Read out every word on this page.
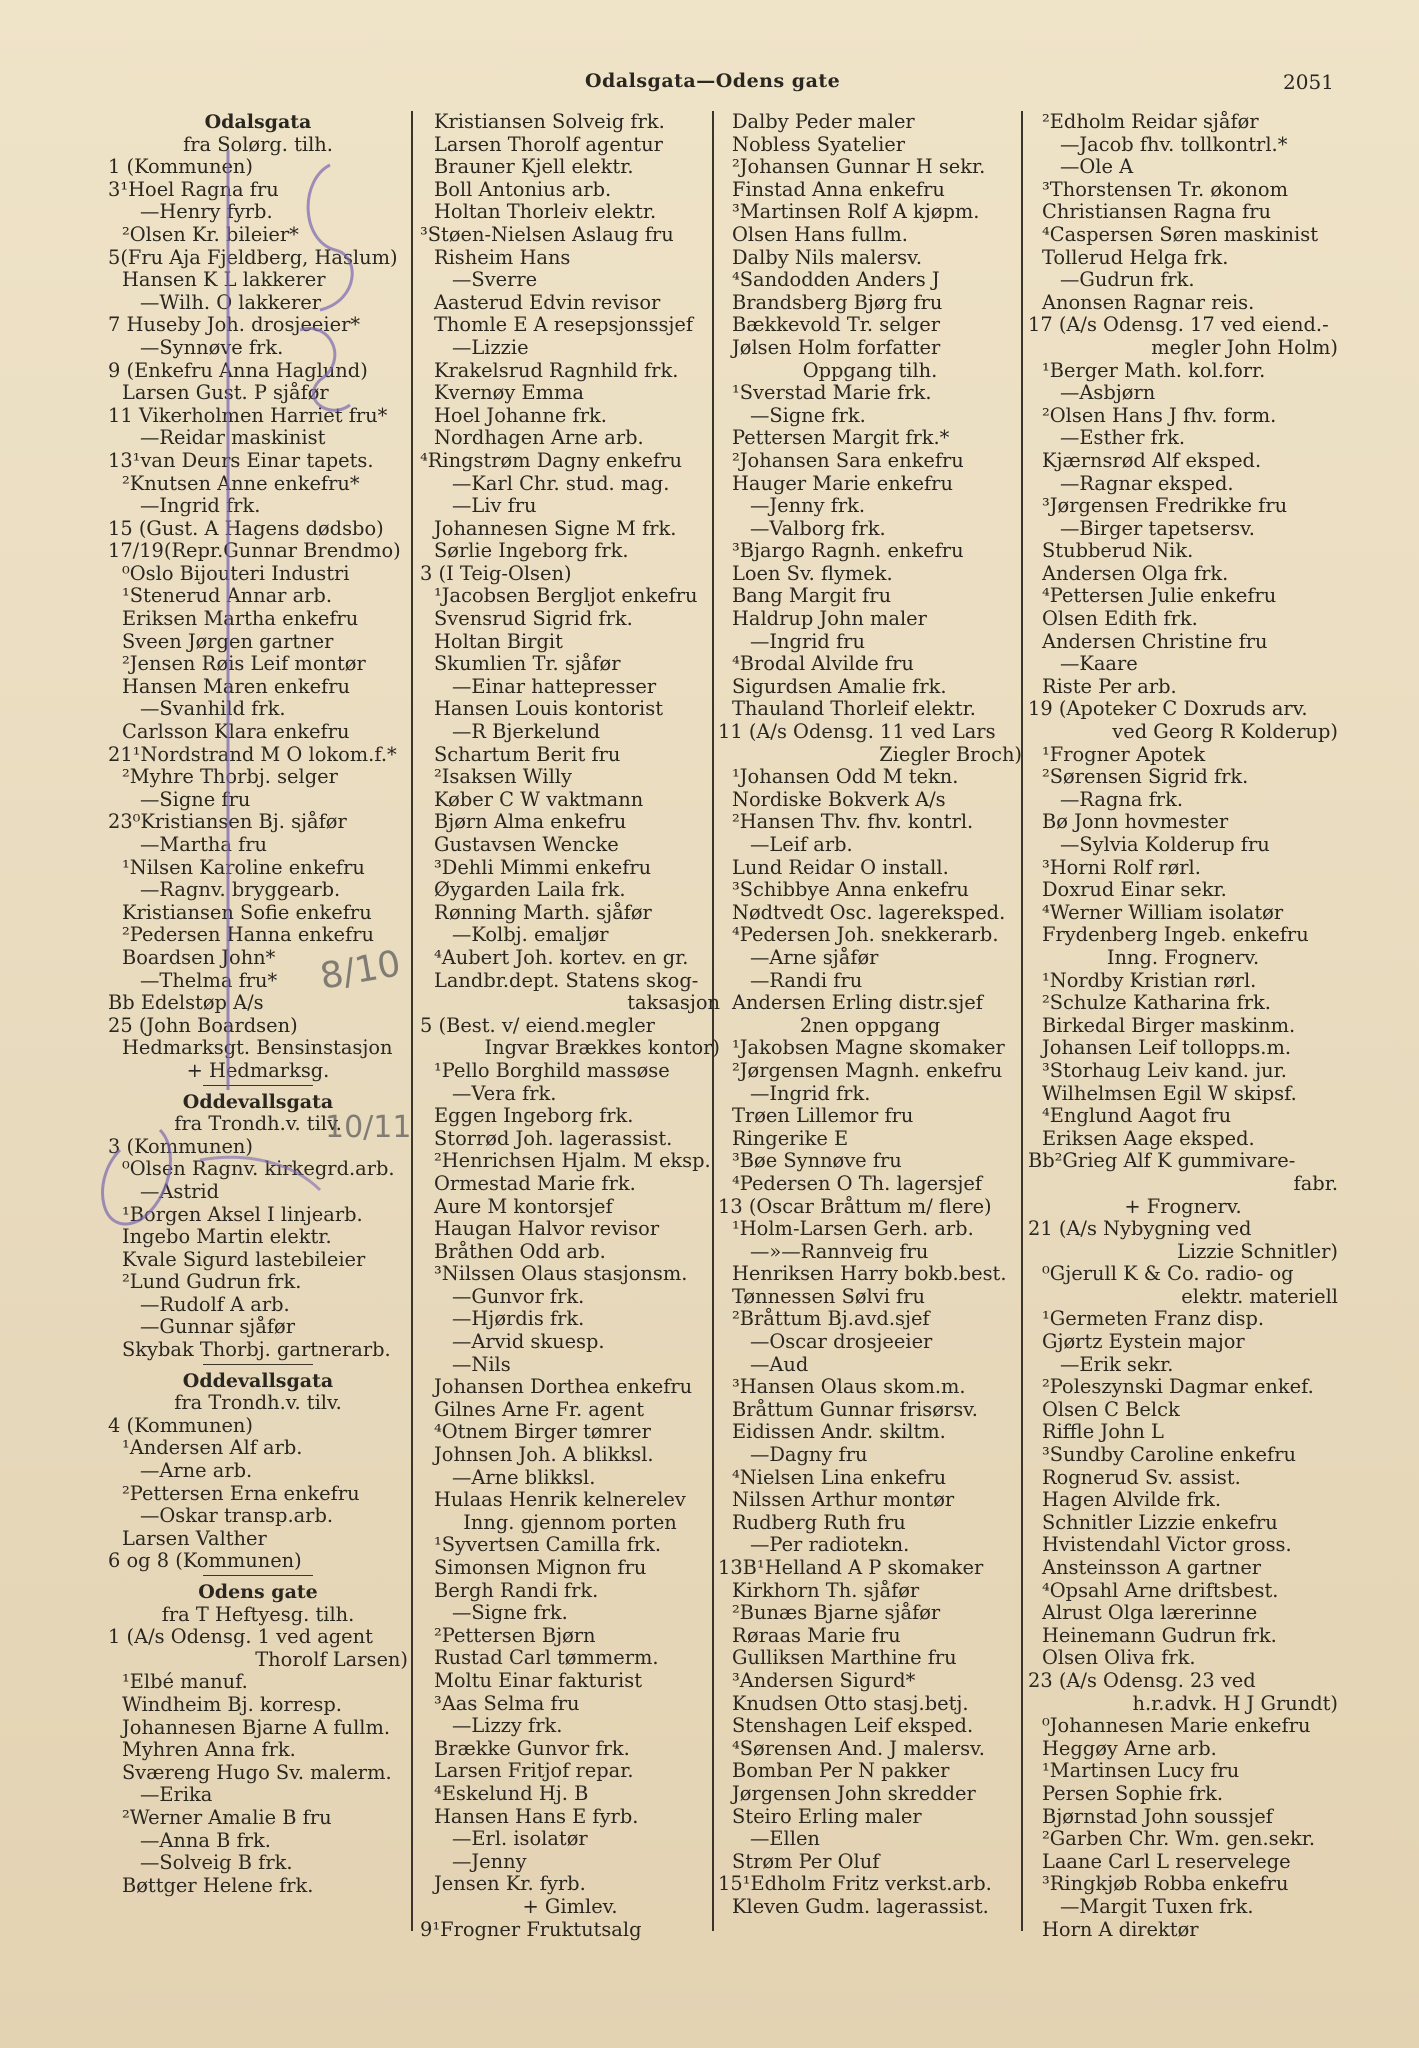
Odalsgata—Odens gate	2051
Odalsgata
fra Solørg. tilh.
1 (Kommunen)
3¹Hoel Ragna fru
—Henry fyrb.
²Olsen Kr. bileier*
5(Fru Aja Fjeldberg, Haslum)
Hansen K L lakkerer
—Wilh. O lakkerer
7 Huseby Joh. drosjeeier*
—Synnøve frk.
9 (Enkefru Anna Haglund)
Larsen Gust. P sjåfør
11 Vikerholmen Harriet fru*
—Reidar maskinist
13¹van Deurs Einar tapets.
²Knutsen Anne enkefru*
—Ingrid frk.
15 (Gust. A Hagens dødsbo)
17/19(Repr.Gunnar Brendmo)
⁰Oslo Bijouteri Industri
¹Stenerud Annar arb.
Eriksen Martha enkefru
Sveen Jørgen gartner
²Jensen Røis Leif montør
Hansen Maren enkefru
—Svanhild frk.
Carlsson Klara enkefru
21¹Nordstrand M O lokom.f.*
²Myhre Thorbj. selger
—Signe fru
23⁰Kristiansen Bj. sjåfør
—Martha fru
¹Nilsen Karoline enkefru
—Ragnv. bryggearb.
Kristiansen Sofie enkefru
²Pedersen Hanna enkefru
Boardsen John*
—Thelma fru*
Bb Edelstøp A/s
25 (John Boardsen)
Hedmarksgt. Bensinstasjon
+ Hedmarksg.
Oddevallsgata
fra Trondh.v. tilv.
3 (Kommunen)
⁰Olsen Ragnv. kirkegrd.arb.
—Astrid
¹Borgen Aksel I linjearb.
Ingebo Martin elektr.
Kvale Sigurd lastebileier
²Lund Gudrun frk.
—Rudolf A arb.
—Gunnar sjåfør
Skybak Thorbj. gartnerarb.
Oddevallsgata
fra Trondh.v. tilv.
4 (Kommunen)
¹Andersen Alf arb.
—Arne arb.
²Pettersen Erna enkefru
—Oskar transp.arb.
Larsen Valther
6 og 8 (Kommunen)
Odens gate
fra T Heftyesg. tilh.
1 (A/s Odensg. 1 ved agent
Thorolf Larsen)
¹Elbé manuf.
Windheim Bj. korresp.
Johannesen Bjarne A fullm.
Myhren Anna frk.
Sværeng Hugo Sv. malerm.
—Erika
²Werner Amalie B fru
—Anna B frk.
—Solveig B frk.
Bøttger Helene frk.
Kristiansen Solveig frk.
Larsen Thorolf agentur
Brauner Kjell elektr.
Boll Antonius arb.
Holtan Thorleiv elektr.
³Støen-Nielsen Aslaug fru
Risheim Hans
—Sverre
Aasterud Edvin revisor
Thomle E A resepsjonssjef
—Lizzie
Krakelsrud Ragnhild frk.
Kvernøy Emma
Hoel Johanne frk.
Nordhagen Arne arb.
⁴Ringstrøm Dagny enkefru
—Karl Chr. stud. mag.
—Liv fru
Johannesen Signe M frk.
Sørlie Ingeborg frk.
3 (I Teig-Olsen)
¹Jacobsen Bergljot enkefru
Svensrud Sigrid frk.
Holtan Birgit
Skumlien Tr. sjåfør
—Einar hattepresser
Hansen Louis kontorist
—R Bjerkelund
Schartum Berit fru
²Isaksen Willy
Køber C W vaktmann
Bjørn Alma enkefru
Gustavsen Wencke
³Dehli Mimmi enkefru
Øygarden Laila frk.
Rønning Marth. sjåfør
—Kolbj. emaljør
⁴Aubert Joh. kortev. en gr.
Landbr.dept. Statens skog-
taksasjon
5 (Best. v/ eiend.megler
Ingvar Brækkes kontor)
¹Pello Borghild massøse
—Vera frk.
Eggen Ingeborg frk.
Storrød Joh. lagerassist.
²Henrichsen Hjalm. M eksp.
Ormestad Marie frk.
Aure M kontorsjef
Haugan Halvor revisor
Bråthen Odd arb.
³Nilssen Olaus stasjonsm.
—Gunvor frk.
—Hjørdis frk.
—Arvid skuesp.
—Nils
Johansen Dorthea enkefru
Gilnes Arne Fr. agent
⁴Otnem Birger tømrer
Johnsen Joh. A blikksl.
—Arne blikksl.
Hulaas Henrik kelnerelev
Inng. gjennom porten
¹Syvertsen Camilla frk.
Simonsen Mignon fru
Bergh Randi frk.
—Signe frk.
²Pettersen Bjørn
Rustad Carl tømmerm.
Moltu Einar fakturist
³Aas Selma fru
—Lizzy frk.
Brække Gunvor frk.
Larsen Fritjof repar.
⁴Eskelund Hj. B
Hansen Hans E fyrb.
—Erl. isolatør
—Jenny
Jensen Kr. fyrb.
+ Gimlev.
9¹Frogner Fruktutsalg
Dalby Peder maler
Nobless Syatelier
²Johansen Gunnar H sekr.
Finstad Anna enkefru
³Martinsen Rolf A kjøpm.
Olsen Hans fullm.
Dalby Nils malersv.
⁴Sandodden Anders J
Brandsberg Bjørg fru
Bækkevold Tr. selger
Jølsen Holm forfatter
Oppgang tilh.
¹Sverstad Marie frk.
—Signe frk.
Pettersen Margit frk.*
²Johansen Sara enkefru
Hauger Marie enkefru
—Jenny frk.
—Valborg frk.
³Bjargo Ragnh. enkefru
Loen Sv. flymek.
Bang Margit fru
Haldrup John maler
—Ingrid fru
⁴Brodal Alvilde fru
Sigurdsen Amalie frk.
Thauland Thorleif elektr.
11 (A/s Odensg. 11 ved Lars
Ziegler Broch)
¹Johansen Odd M tekn.
Nordiske Bokverk A/s
²Hansen Thv. fhv. kontrl.
—Leif arb.
Lund Reidar O install.
³Schibbye Anna enkefru
Nødtvedt Osc. lagereksped.
⁴Pedersen Joh. snekkerarb.
—Arne sjåfør
—Randi fru
Andersen Erling distr.sjef
2nen oppgang
¹Jakobsen Magne skomaker
²Jørgensen Magnh. enkefru
—Ingrid frk.
Trøen Lillemor fru
Ringerike E
³Bøe Synnøve fru
⁴Pedersen O Th. lagersjef
13 (Oscar Bråttum m/ flere)
¹Holm-Larsen Gerh. arb.
—»—Rannveig fru
Henriksen Harry bokb.best.
Tønnessen Sølvi fru
²Bråttum Bj.avd.sjef
—Oscar drosjeeier
—Aud
³Hansen Olaus skom.m.
Bråttum Gunnar frisørsv.
Eidissen Andr. skiltm.
—Dagny fru
⁴Nielsen Lina enkefru
Nilssen Arthur montør
Rudberg Ruth fru
—Per radiotekn.
13B¹Helland A P skomaker
Kirkhorn Th. sjåfør
²Bunæs Bjarne sjåfør
Røraas Marie fru
Gulliksen Marthine fru
³Andersen Sigurd*
Knudsen Otto stasj.betj.
Stenshagen Leif eksped.
⁴Sørensen And. J malersv.
Bomban Per N pakker
Jørgensen John skredder
Steiro Erling maler
—Ellen
Strøm Per Oluf
15¹Edholm Fritz verkst.arb.
Kleven Gudm. lagerassist.
²Edholm Reidar sjåfør
—Jacob fhv. tollkontrl.*
—Ole A
³Thorstensen Tr. økonom
Christiansen Ragna fru
⁴Caspersen Søren maskinist
Tollerud Helga frk.
—Gudrun frk.
Anonsen Ragnar reis.
17 (A/s Odensg. 17 ved eiend.-
megler John Holm)
¹Berger Math. kol.forr.
—Asbjørn
²Olsen Hans J fhv. form.
—Esther frk.
Kjærnsrød Alf eksped.
—Ragnar eksped.
³Jørgensen Fredrikke fru
—Birger tapetsersv.
Stubberud Nik.
Andersen Olga frk.
⁴Pettersen Julie enkefru
Olsen Edith frk.
Andersen Christine fru
—Kaare
Riste Per arb.
19 (Apoteker C Doxruds arv.
ved Georg R Kolderup)
¹Frogner Apotek
²Sørensen Sigrid frk.
—Ragna frk.
Bø Jonn hovmester
—Sylvia Kolderup fru
³Horni Rolf rørl.
Doxrud Einar sekr.
⁴Werner William isolatør
Frydenberg Ingeb. enkefru
Inng. Frognerv.
¹Nordby Kristian rørl.
²Schulze Katharina frk.
Birkedal Birger maskinm.
Johansen Leif tollopps.m.
³Storhaug Leiv kand. jur.
Wilhelmsen Egil W skipsf.
⁴Englund Aagot fru
Eriksen Aage eksped.
Bb²Grieg Alf K gummivare-
fabr.
+ Frognerv.
21 (A/s Nybygning ved
Lizzie Schnitler)
⁰Gjerull K & Co. radio- og
elektr. materiell
¹Germeten Franz disp.
Gjørtz Eystein major
—Erik sekr.
²Poleszynski Dagmar enkef.
Olsen C Belck
Riffle John L
³Sundby Caroline enkefru
Rognerud Sv. assist.
Hagen Alvilde frk.
Schnitler Lizzie enkefru
Hvistendahl Victor gross.
Ansteinsson A gartner
⁴Opsahl Arne driftsbest.
Alrust Olga lærerinne
Heinemann Gudrun frk.
Olsen Oliva frk.
23 (A/s Odensg. 23 ved
h.r.advk. H J Grundt)
⁰Johannesen Marie enkefru
Heggøy Arne arb.
¹Martinsen Lucy fru
Persen Sophie frk.
Bjørnstad John soussjef
²Garben Chr. Wm. gen.sekr.
Laane Carl L reservelege
³Ringkjøb Robba enkefru
—Margit Tuxen frk.
Horn A direktør
8/10
10/11
